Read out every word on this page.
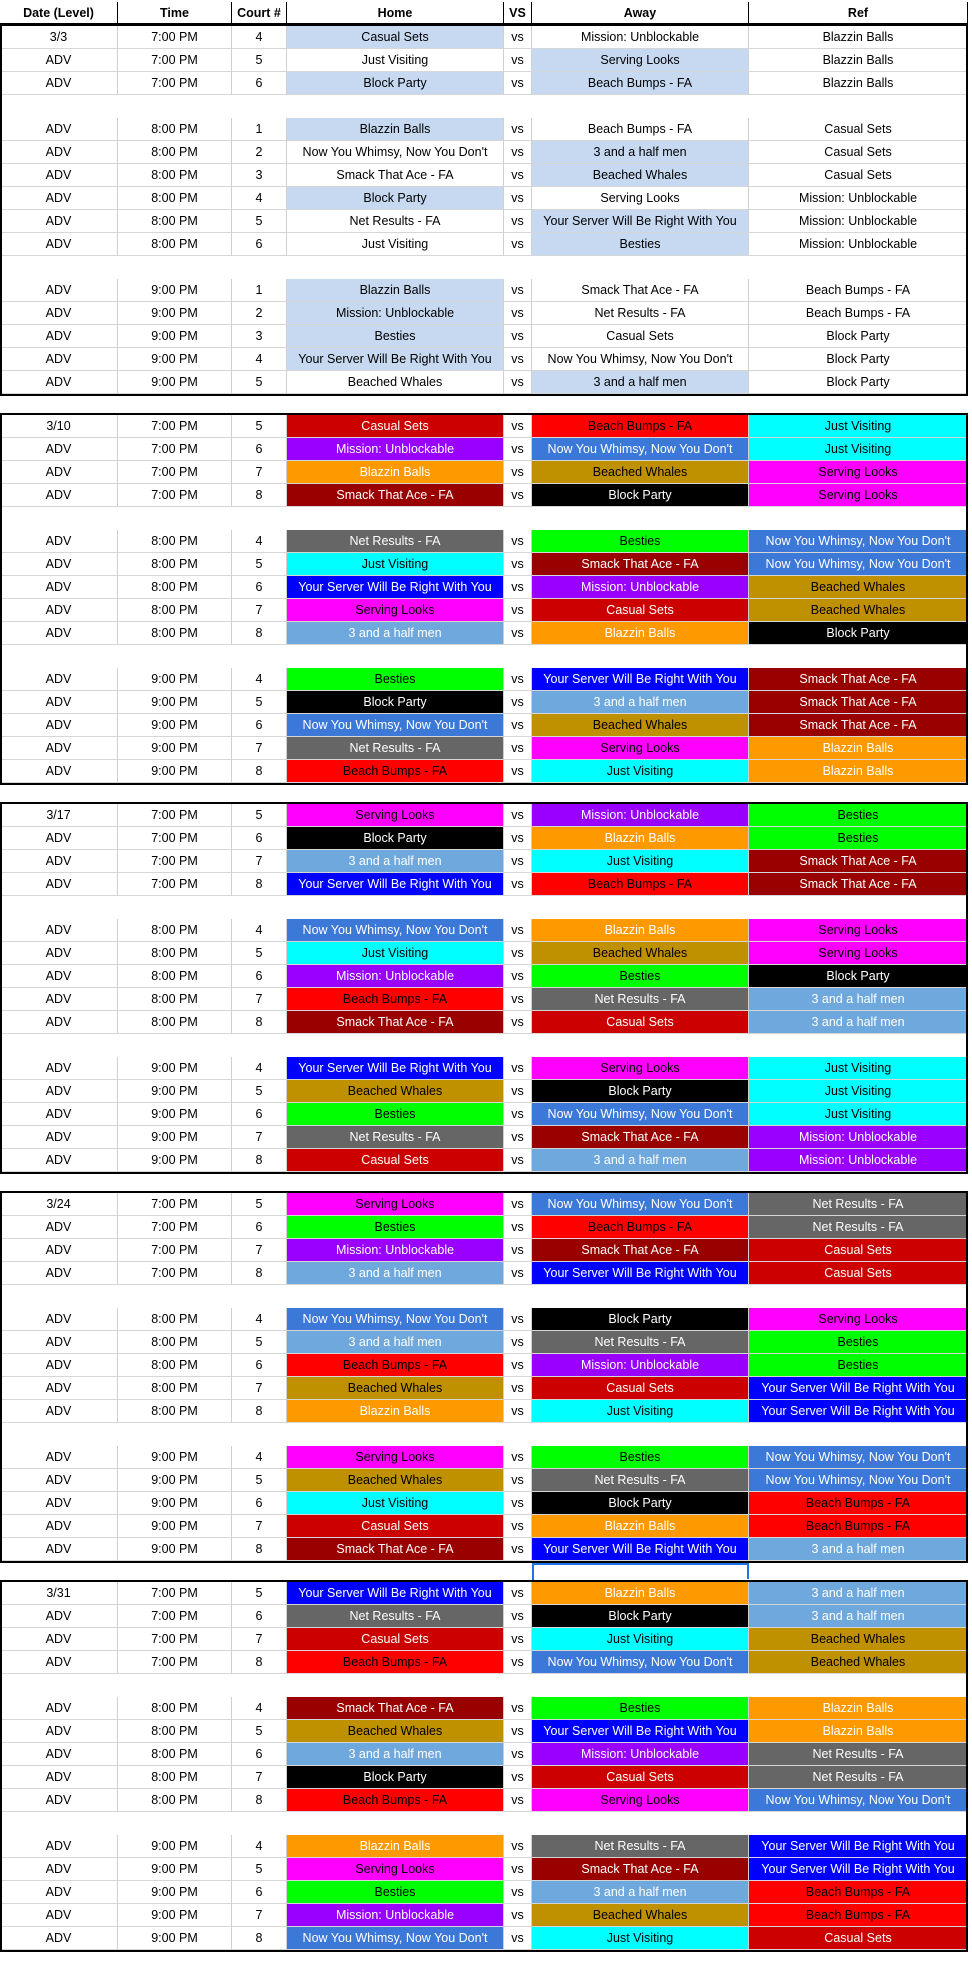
Date (Level)	Time	Court #	Home	VS	Away	Ref
3/3	7:00 PM	4	Casual Sets	vs	Mission: Unblockable	Blazzin Balls
ADV	7:00 PM	5	Just Visiting	vs	Serving Looks	Blazzin Balls
ADV	7:00 PM	6	Block Party	vs	Beach Bumps - FA	Blazzin Balls
ADV	8:00 PM	1	Blazzin Balls	vs	Beach Bumps - FA	Casual Sets
ADV	8:00 PM	2	Now You Whimsy, Now You Don't	vs	3 and a half men	Casual Sets
ADV	8:00 PM	3	Smack That Ace - FA	vs	Beached Whales	Casual Sets
ADV	8:00 PM	4	Block Party	vs	Serving Looks	Mission: Unblockable
ADV	8:00 PM	5	Net Results - FA	vs	Your Server Will Be Right With You	Mission: Unblockable
ADV	8:00 PM	6	Just Visiting	vs	Besties	Mission: Unblockable
ADV	9:00 PM	1	Blazzin Balls	vs	Smack That Ace - FA	Beach Bumps - FA
ADV	9:00 PM	2	Mission: Unblockable	vs	Net Results - FA	Beach Bumps - FA
ADV	9:00 PM	3	Besties	vs	Casual Sets	Block Party
ADV	9:00 PM	4	Your Server Will Be Right With You	vs	Now You Whimsy, Now You Don't	Block Party
ADV	9:00 PM	5	Beached Whales	vs	3 and a half men	Block Party
3/10	7:00 PM	5	Casual Sets	vs	Beach Bumps - FA	Just Visiting
ADV	7:00 PM	6	Mission: Unblockable	vs	Now You Whimsy, Now You Don't	Just Visiting
ADV	7:00 PM	7	Blazzin Balls	vs	Beached Whales	Serving Looks
ADV	7:00 PM	8	Smack That Ace - FA	vs	Block Party	Serving Looks
ADV	8:00 PM	4	Net Results - FA	vs	Besties	Now You Whimsy, Now You Don't
ADV	8:00 PM	5	Just Visiting	vs	Smack That Ace - FA	Now You Whimsy, Now You Don't
ADV	8:00 PM	6	Your Server Will Be Right With You	vs	Mission: Unblockable	Beached Whales
ADV	8:00 PM	7	Serving Looks	vs	Casual Sets	Beached Whales
ADV	8:00 PM	8	3 and a half men	vs	Blazzin Balls	Block Party
ADV	9:00 PM	4	Besties	vs	Your Server Will Be Right With You	Smack That Ace - FA
ADV	9:00 PM	5	Block Party	vs	3 and a half men	Smack That Ace - FA
ADV	9:00 PM	6	Now You Whimsy, Now You Don't	vs	Beached Whales	Smack That Ace - FA
ADV	9:00 PM	7	Net Results - FA	vs	Serving Looks	Blazzin Balls
ADV	9:00 PM	8	Beach Bumps - FA	vs	Just Visiting	Blazzin Balls
3/17	7:00 PM	5	Serving Looks	vs	Mission: Unblockable	Besties
ADV	7:00 PM	6	Block Party	vs	Blazzin Balls	Besties
ADV	7:00 PM	7	3 and a half men	vs	Just Visiting	Smack That Ace - FA
ADV	7:00 PM	8	Your Server Will Be Right With You	vs	Beach Bumps - FA	Smack That Ace - FA
ADV	8:00 PM	4	Now You Whimsy, Now You Don't	vs	Blazzin Balls	Serving Looks
ADV	8:00 PM	5	Just Visiting	vs	Beached Whales	Serving Looks
ADV	8:00 PM	6	Mission: Unblockable	vs	Besties	Block Party
ADV	8:00 PM	7	Beach Bumps - FA	vs	Net Results - FA	3 and a half men
ADV	8:00 PM	8	Smack That Ace - FA	vs	Casual Sets	3 and a half men
ADV	9:00 PM	4	Your Server Will Be Right With You	vs	Serving Looks	Just Visiting
ADV	9:00 PM	5	Beached Whales	vs	Block Party	Just Visiting
ADV	9:00 PM	6	Besties	vs	Now You Whimsy, Now You Don't	Just Visiting
ADV	9:00 PM	7	Net Results - FA	vs	Smack That Ace - FA	Mission: Unblockable
ADV	9:00 PM	8	Casual Sets	vs	3 and a half men	Mission: Unblockable
3/24	7:00 PM	5	Serving Looks	vs	Now You Whimsy, Now You Don't	Net Results - FA
ADV	7:00 PM	6	Besties	vs	Beach Bumps - FA	Net Results - FA
ADV	7:00 PM	7	Mission: Unblockable	vs	Smack That Ace - FA	Casual Sets
ADV	7:00 PM	8	3 and a half men	vs	Your Server Will Be Right With You	Casual Sets
ADV	8:00 PM	4	Now You Whimsy, Now You Don't	vs	Block Party	Serving Looks
ADV	8:00 PM	5	3 and a half men	vs	Net Results - FA	Besties
ADV	8:00 PM	6	Beach Bumps - FA	vs	Mission: Unblockable	Besties
ADV	8:00 PM	7	Beached Whales	vs	Casual Sets	Your Server Will Be Right With You
ADV	8:00 PM	8	Blazzin Balls	vs	Just Visiting	Your Server Will Be Right With You
ADV	9:00 PM	4	Serving Looks	vs	Besties	Now You Whimsy, Now You Don't
ADV	9:00 PM	5	Beached Whales	vs	Net Results - FA	Now You Whimsy, Now You Don't
ADV	9:00 PM	6	Just Visiting	vs	Block Party	Beach Bumps - FA
ADV	9:00 PM	7	Casual Sets	vs	Blazzin Balls	Beach Bumps - FA
ADV	9:00 PM	8	Smack That Ace - FA	vs	Your Server Will Be Right With You	3 and a half men
3/31	7:00 PM	5	Your Server Will Be Right With You	vs	Blazzin Balls	3 and a half men
ADV	7:00 PM	6	Net Results - FA	vs	Block Party	3 and a half men
ADV	7:00 PM	7	Casual Sets	vs	Just Visiting	Beached Whales
ADV	7:00 PM	8	Beach Bumps - FA	vs	Now You Whimsy, Now You Don't	Beached Whales
ADV	8:00 PM	4	Smack That Ace - FA	vs	Besties	Blazzin Balls
ADV	8:00 PM	5	Beached Whales	vs	Your Server Will Be Right With You	Blazzin Balls
ADV	8:00 PM	6	3 and a half men	vs	Mission: Unblockable	Net Results - FA
ADV	8:00 PM	7	Block Party	vs	Casual Sets	Net Results - FA
ADV	8:00 PM	8	Beach Bumps - FA	vs	Serving Looks	Now You Whimsy, Now You Don't
ADV	9:00 PM	4	Blazzin Balls	vs	Net Results - FA	Your Server Will Be Right With You
ADV	9:00 PM	5	Serving Looks	vs	Smack That Ace - FA	Your Server Will Be Right With You
ADV	9:00 PM	6	Besties	vs	3 and a half men	Beach Bumps - FA
ADV	9:00 PM	7	Mission: Unblockable	vs	Beached Whales	Beach Bumps - FA
ADV	9:00 PM	8	Now You Whimsy, Now You Don't	vs	Just Visiting	Casual Sets
